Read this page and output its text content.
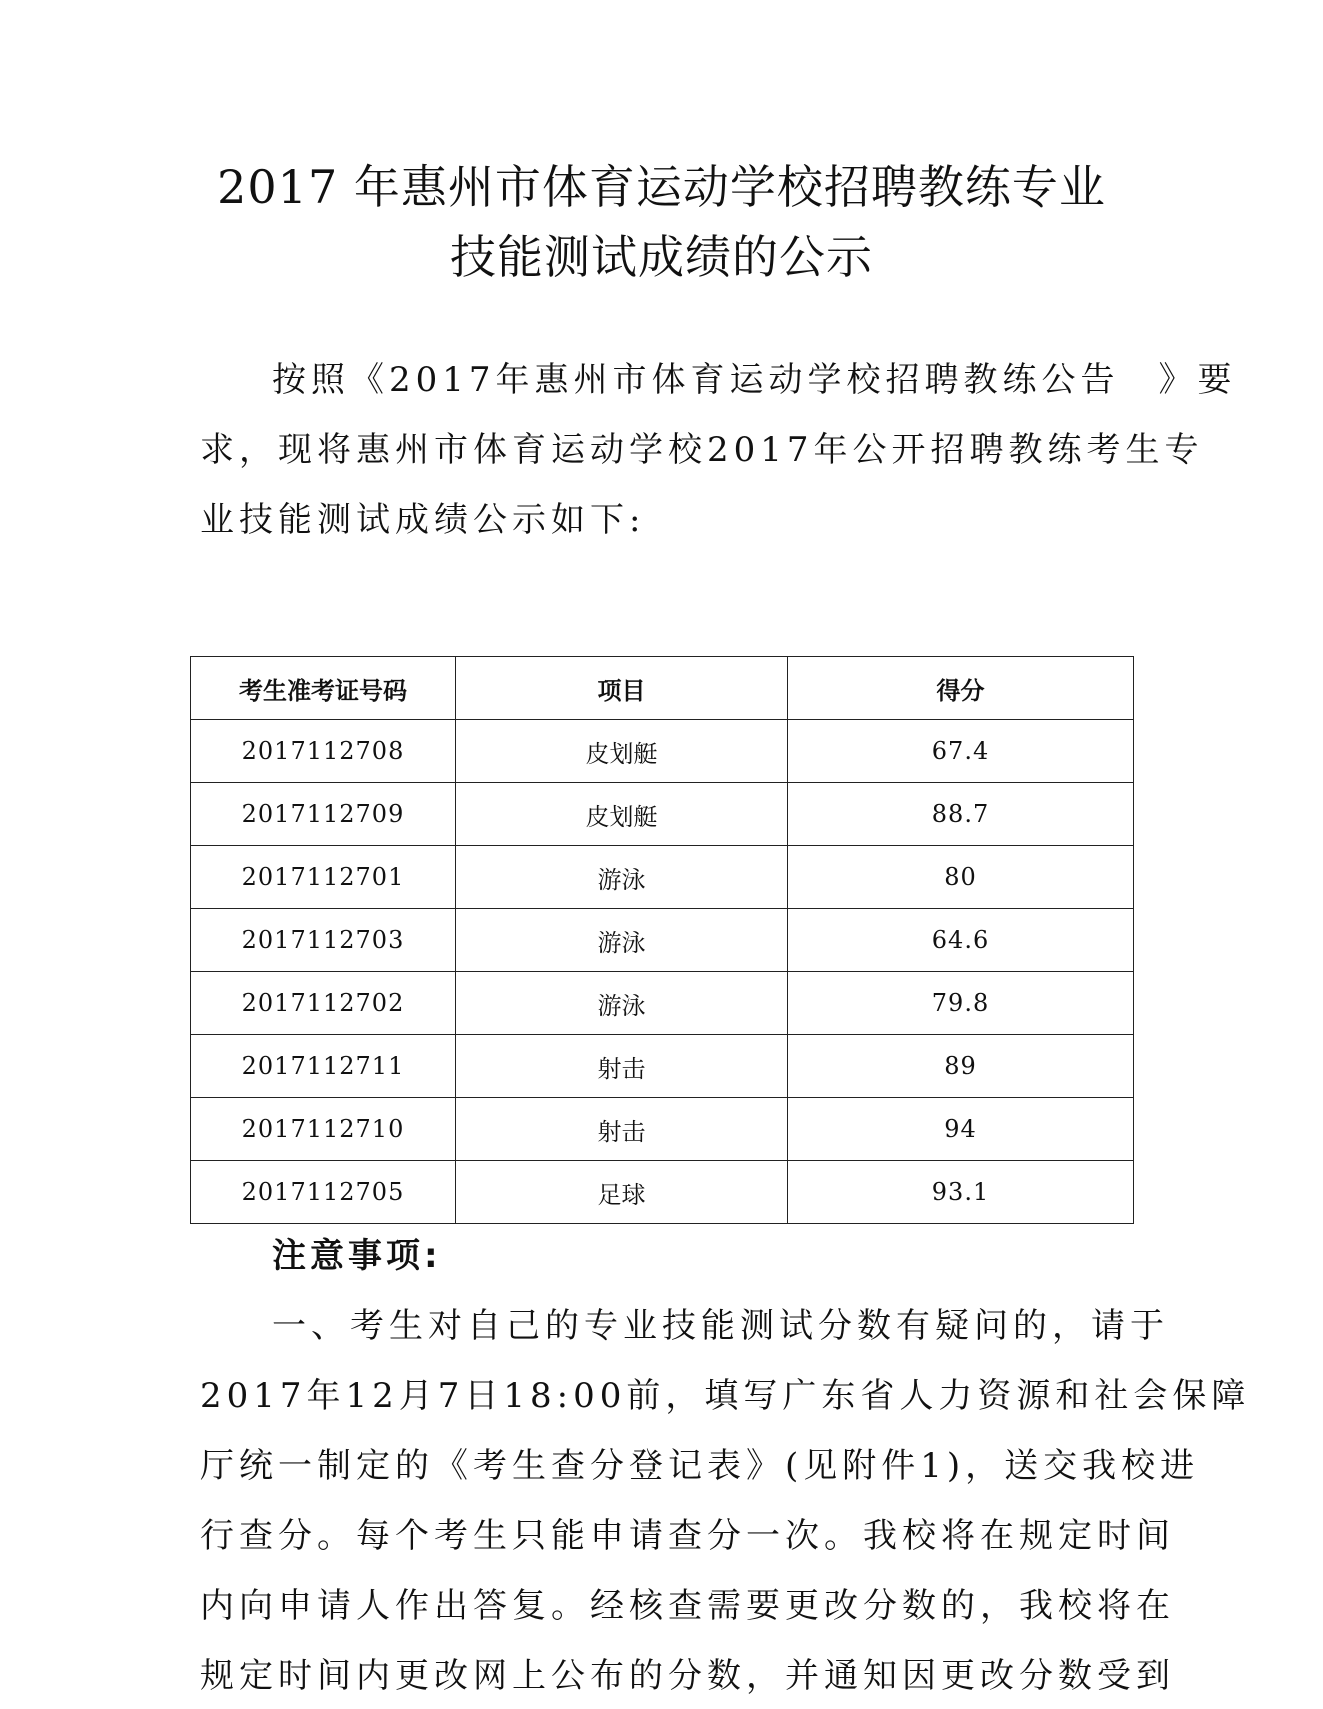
2017 年惠州市体育运动学校招聘教练专业
技能测试成绩的公示
按照《2017年惠州市体育运动学校招聘教练公告　》要
求，现将惠州市体育运动学校2017年公开招聘教练考生专
业技能测试成绩公示如下:
考生准考证号码	项目	得分
2017112708	皮划艇	67.4
2017112709	皮划艇	88.7
2017112701	游泳	80
2017112703	游泳	64.6
2017112702	游泳	79.8
2017112711	射击	89
2017112710	射击	94
2017112705	足球	93.1
注意事项:
一、考生对自己的专业技能测试分数有疑问的，请于
2017年12月7日18:00前，填写广东省人力资源和社会保障
厅统一制定的《考生查分登记表》(见附件1)，送交我校进
行查分。每个考生只能申请查分一次。我校将在规定时间
内向申请人作出答复。经核查需要更改分数的，我校将在
规定时间内更改网上公布的分数，并通知因更改分数受到
